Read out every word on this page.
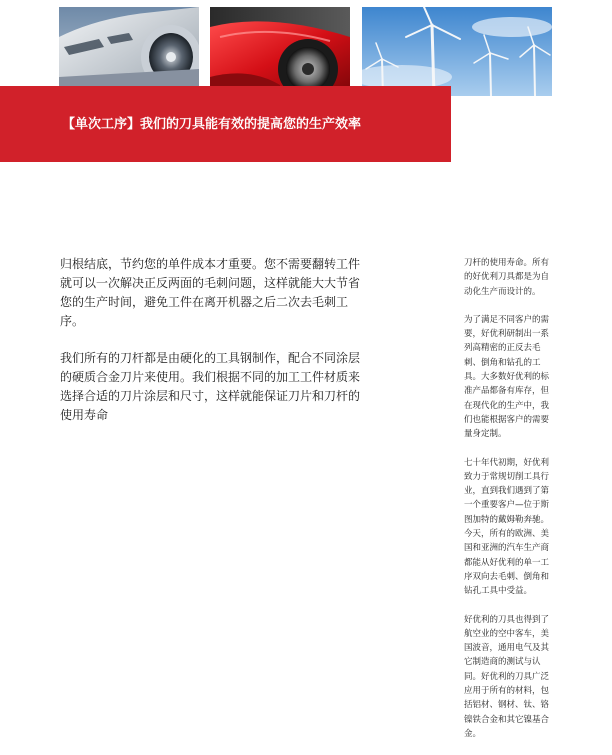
【单次工序】我们的刀具能有效的提高您的生产效率

归根结底，节约您的单件成本才重要。您不需要翻转工件就可以一次解决正反两面的毛刺问题，这样就能大大节省您的生产时间，避免工件在离开机器之后二次去毛刺工序。

我们所有的刀杆都是由硬化的工具钢制作，配合不同涂层的硬质合金刀片来使用。我们根据不同的加工工件材质来选择合适的刀片涂层和尺寸，这样就能保证刀片和刀杆的使用寿命

刀杆的使用寿命。所有的好优利刀具都是为自动化生产而设计的。

为了满足不同客户的需要，好优利研制出一系列高精密的正反去毛刺、倒角和钻孔的工具。大多数好优利的标准产品都备有库存，但在现代化的生产中，我们也能根据客户的需要量身定制。

七十年代初期，好优利致力于常规切削工具行业，直到我们遇到了第一个重要客户—位于斯图加特的戴姆勒奔驰。今天，所有的欧洲、美国和亚洲的汽车生产商都能从好优利的单一工序双向去毛刺、倒角和钻孔工具中受益。

好优利的刀具也得到了航空业的空中客车，美国波音，通用电气及其它制造商的测试与认同。好优利的刀具广泛应用于所有的材料，包括铝材、钢材、钛、铬镍铁合金和其它镍基合金。
